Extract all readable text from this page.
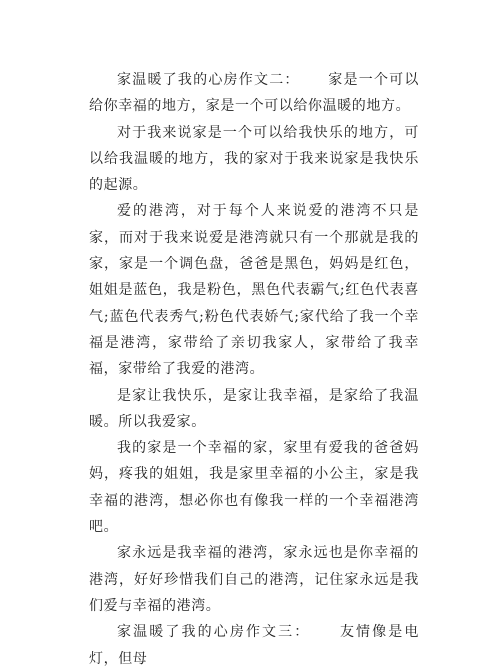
家温暖了我的心房作文二： 家是一个可以给你幸福的地方，家是一个可以给你温暖的地方。

对于我来说家是一个可以给我快乐的地方，可以给我温暖的地方，我的家对于我来说家是我快乐的起源。

爱的港湾，对于每个人来说爱的港湾不只是家，而对于我来说爱是港湾就只有一个那就是我的家，家是一个调色盘，爸爸是黑色，妈妈是红色，姐姐是蓝色，我是粉色，黑色代表霸气;红色代表喜气;蓝色代表秀气;粉色代表娇气;家代给了我一个幸福是港湾，家带给了亲切我家人，家带给了我幸福，家带给了我爱的港湾。

是家让我快乐，是家让我幸福，是家给了我温暖。所以我爱家。

我的家是一个幸福的家，家里有爱我的爸爸妈妈，疼我的姐姐，我是家里幸福的小公主，家是我幸福的港湾，想必你也有像我一样的一个幸福港湾吧。

家永远是我幸福的港湾，家永远也是你幸福的港湾，好好珍惜我们自己的港湾，记住家永远是我们爱与幸福的港湾。

家温暖了我的心房作文三： 友情像是电灯，但母
